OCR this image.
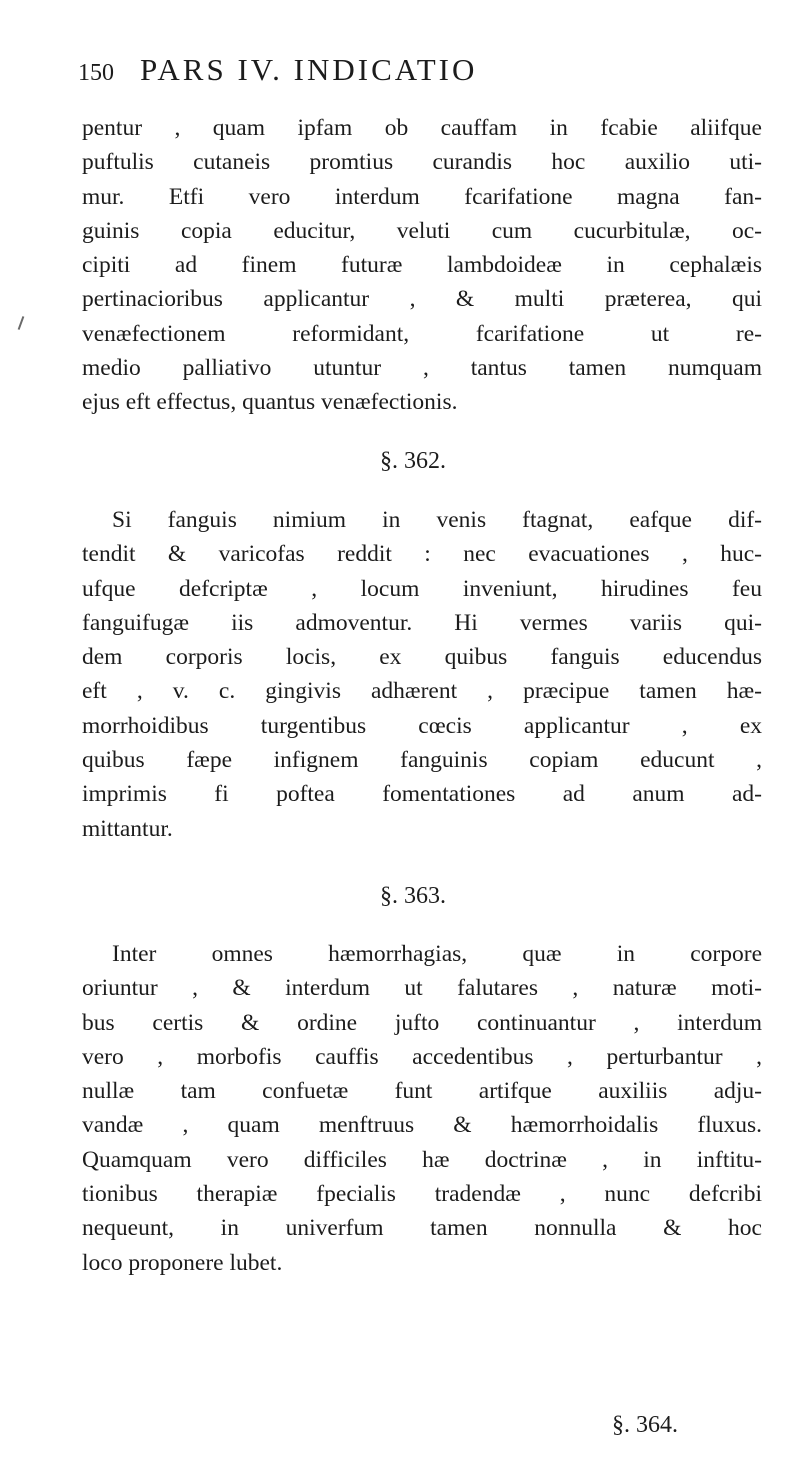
150 PARS IV. INDICATIO
pentur , quam ipfam ob cauffam in fcabie aliifque
puftulis cutaneis promtius curandis hoc auxilio uti-
mur. Etfi vero interdum fcarifatione magna fan-
guinis copia educitur, veluti cum cucurbitulæ, oc-
cipiti ad finem futuræ lambdoideæ in cephalæis
pertinacioribus applicantur , & multi præterea, qui
venæfectionem reformidant, fcarifatione ut re-
medio palliativo utuntur , tantus tamen numquam
ejus eft effectus, quantus venæfectionis.
§. 362.
Si fanguis nimium in venis ftagnat, eafque dif-
tendit & varicofas reddit : nec evacuationes , huc-
ufque defcriptæ , locum inveniunt, hirudines feu
fanguifugæ iis admoventur. Hi vermes variis qui-
dem corporis locis, ex quibus fanguis educendus
eft , v. c. gingivis adhærent , præcipue tamen hæ-
morrhoidibus turgentibus cœcis applicantur , ex
quibus fæpe infignem fanguinis copiam educunt ,
imprimis fi poftea fomentationes ad anum ad-
mittantur.
§. 363.
Inter omnes hæmorrhagias, quæ in corpore
oriuntur , & interdum ut falutares , naturæ moti-
bus certis & ordine jufto continuantur , interdum
vero , morbofis cauffis accedentibus , perturbantur ,
nullæ tam confuetæ funt artifque auxiliis adju-
vandæ , quam menftruus & hæmorrhoidalis fluxus.
Quamquam vero difficiles hæ doctrinæ , in inftitu-
tionibus therapiæ fpecialis tradendæ , nunc defcribi
nequeunt, in univerfum tamen nonnulla & hoc
loco proponere lubet.
§. 364.
